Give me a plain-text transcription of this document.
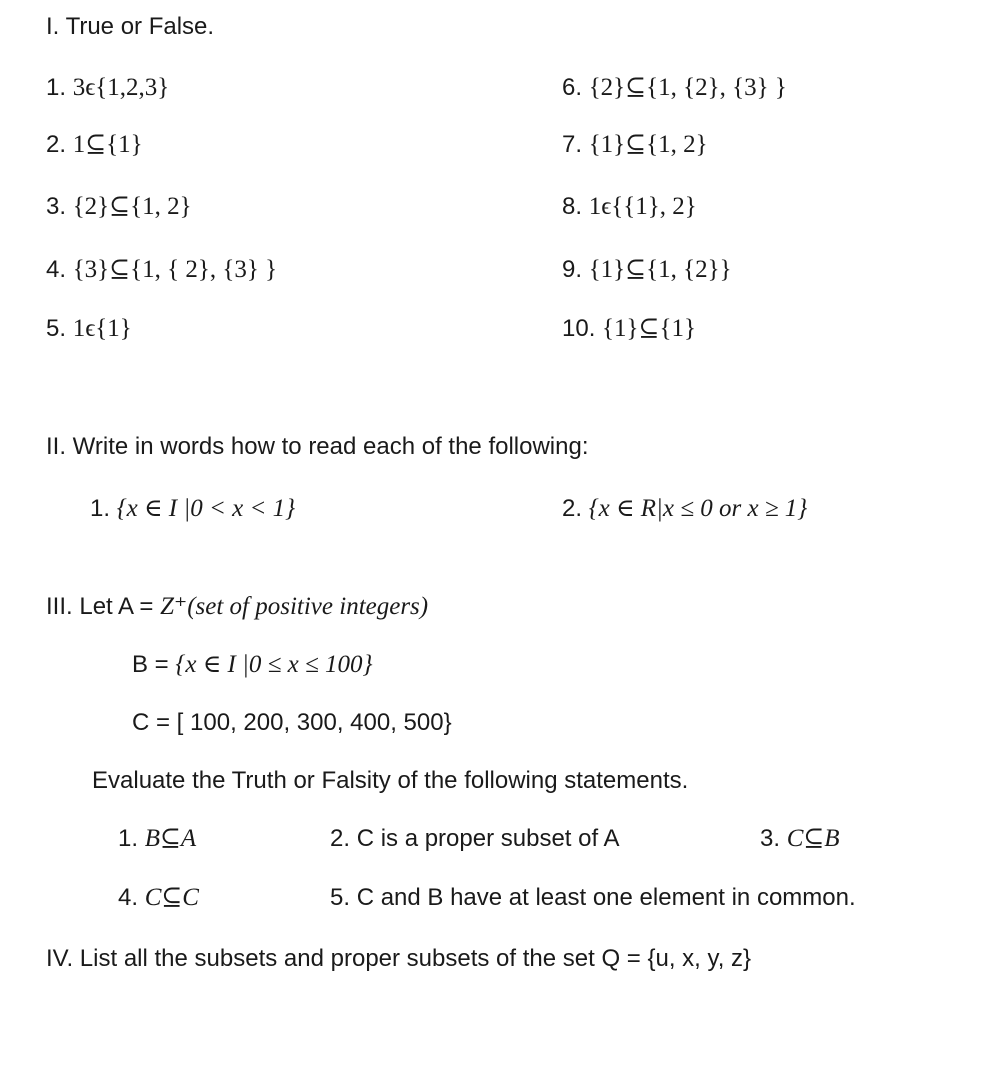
I. True or False.
1. 3ϵ{1,2,3}
2. 1⊆{1}
3. {2}⊆{1, 2}
4. {3}⊆{1, { 2}, {3} }
5. 1ϵ{1}
6. {2}⊆{1, {2}, {3} }
7. {1}⊆{1, 2}
8. 1ϵ{{1}, 2}
9. {1}⊆{1, {2}}
10. {1}⊆{1}
II. Write in words how to read each of the following:
1. {x ∈ I |0 < x < 1}	2. {x ∈ R|x ≤ 0 or x ≥ 1}
III. Let A = Z⁺(set of positive integers)
B = {x ∈ I |0 ≤ x ≤ 100}
C = [ 100, 200, 300, 400, 500}
Evaluate the Truth or Falsity of the following statements.
1. B⊆A	2. C is a proper subset of A	3. C⊆B
4. C⊆C	5. C and B have at least one element in common.
IV. List all the subsets and proper subsets of the set Q = {u, x, y, z}
